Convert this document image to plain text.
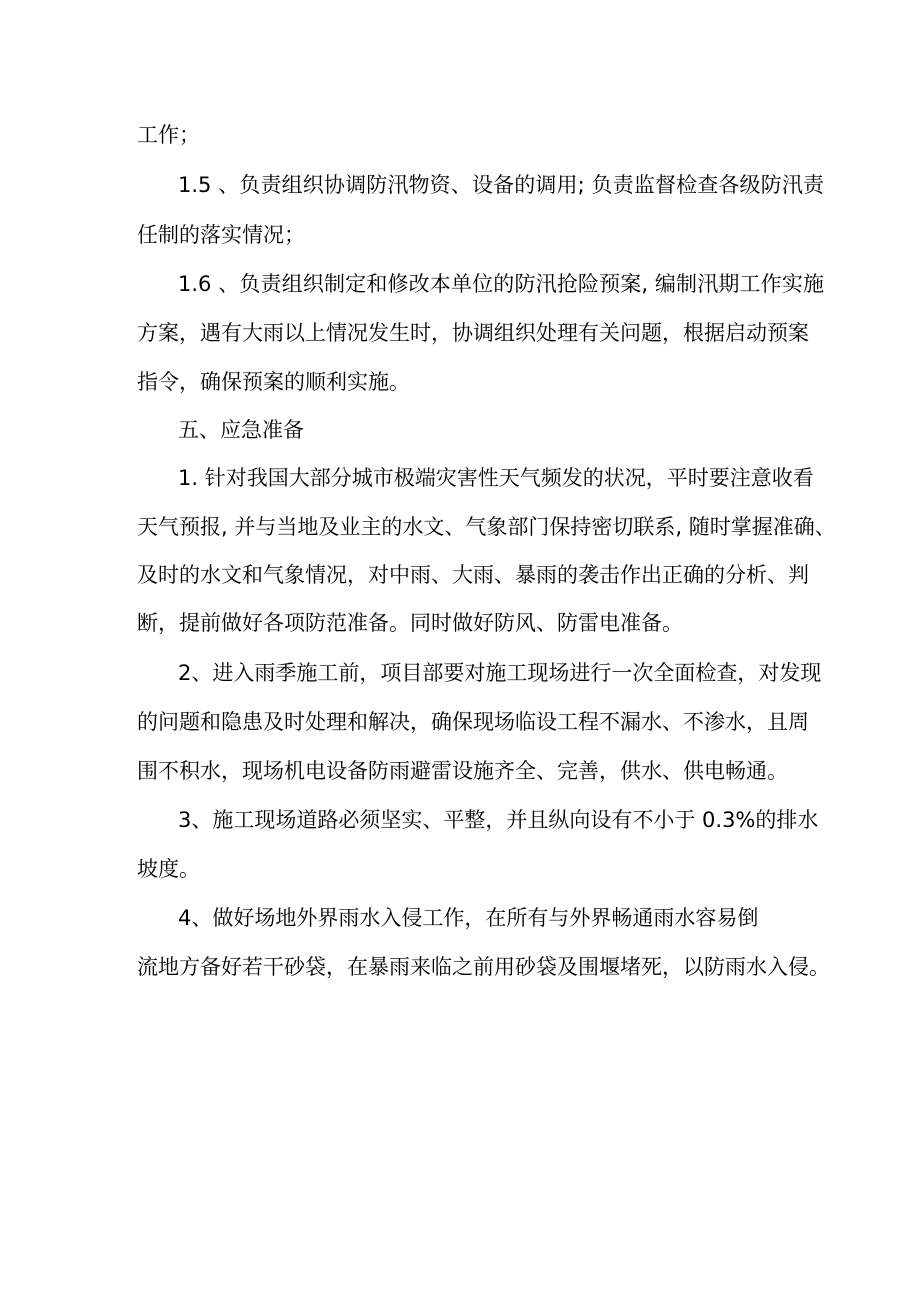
工作；
1.5 、负责组织协调防汛物资、设备的调用; 负责监督检查各级防汛责
任制的落实情况；
1.6 、负责组织制定和修改本单位的防汛抢险预案, 编制汛期工作实施
方案，遇有大雨以上情况发生时，协调组织处理有关问题，根据启动预案
指令，确保预案的顺利实施。
五、应急准备
1. 针对我国大部分城市极端灾害性天气频发的状况，平时要注意收看
天气预报, 并与当地及业主的水文、气象部门保持密切联系, 随时掌握准确、
及时的水文和气象情况，对中雨、大雨、暴雨的袭击作出正确的分析、判
断，提前做好各项防范准备。同时做好防风、防雷电准备。
2、进入雨季施工前，项目部要对施工现场进行一次全面检查，对发现
的问题和隐患及时处理和解决，确保现场临设工程不漏水、不渗水，且周
围不积水，现场机电设备防雨避雷设施齐全、完善，供水、供电畅通。
3、施工现场道路必须坚实、平整，并且纵向设有不小于 0.3%的排水
坡度。
4、做好场地外界雨水入侵工作，在所有与外界畅通雨水容易倒
流地方备好若干砂袋，在暴雨来临之前用砂袋及围堰堵死，以防雨水入侵。
